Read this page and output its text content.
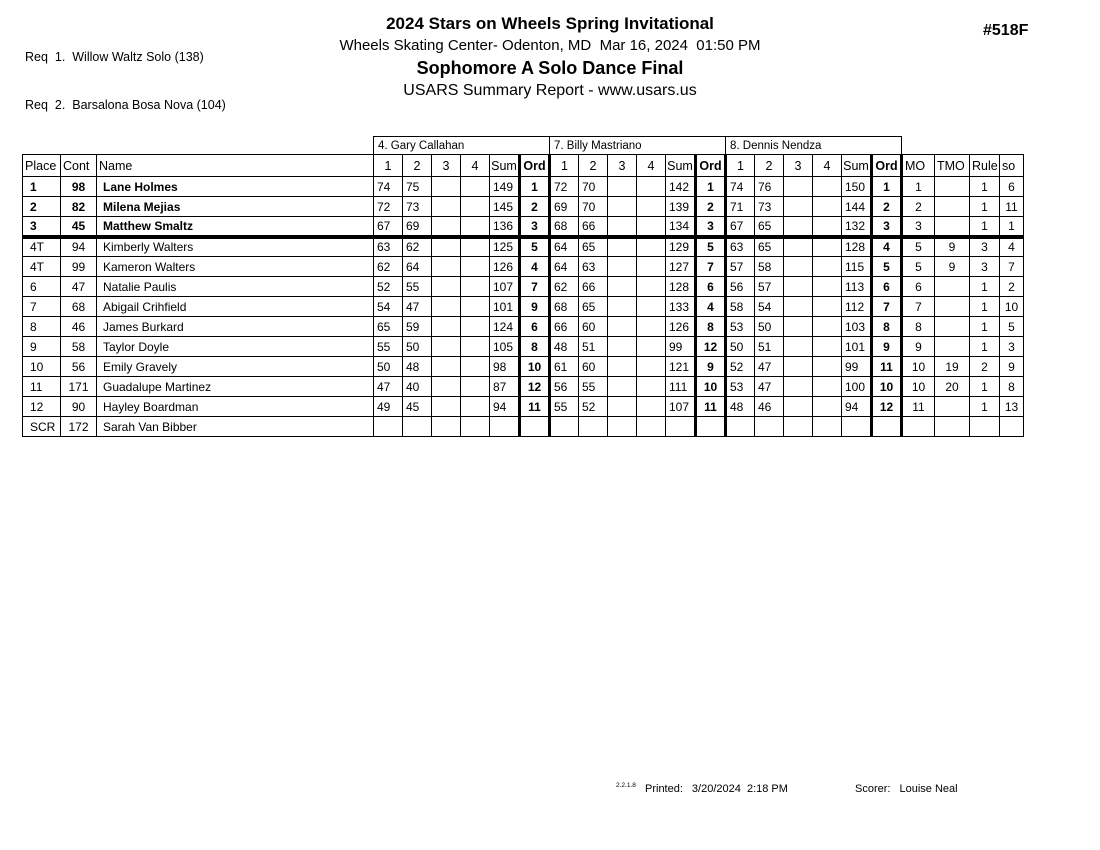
Req  1.  Willow Waltz Solo (138)

Req  2.  Barsalona Bosa Nova (104)

2024 Stars on Wheels Spring Invitational
Wheels Skating Center- Odenton, MD  Mar 16, 2024  01:50 PM
Sophomore A Solo Dance Final
USARS Summary Report - www.usars.us
#518F
			4. Gary Callahan						7. Billy Mastriano						8. Dennis Nendza									
Place	Cont	Name	1	2	3	4	Sum	Ord	1	2	3	4	Sum	Ord	1	2	3	4	Sum	Ord	MO	TMO	Rule	so
1	98	Lane Holmes	74	75			149	1	72	70			142	1	74	76			150	1	1		1	6
2	82	Milena Mejias	72	73			145	2	69	70			139	2	71	73			144	2	2		1	11
3	45	Matthew Smaltz	67	69			136	3	68	66			134	3	67	65			132	3	3		1	1
4T	94	Kimberly Walters	63	62			125	5	64	65			129	5	63	65			128	4	5	9	3	4
4T	99	Kameron Walters	62	64			126	4	64	63			127	7	57	58			115	5	5	9	3	7
6	47	Natalie Paulis	52	55			107	7	62	66			128	6	56	57			113	6	6		1	2
7	68	Abigail Crihfield	54	47			101	9	68	65			133	4	58	54			112	7	7		1	10
8	46	James Burkard	65	59			124	6	66	60			126	8	53	50			103	8	8		1	5
9	58	Taylor Doyle	55	50			105	8	48	51			99	12	50	51			101	9	9		1	3
10	56	Emily Gravely	50	48			98	10	61	60			121	9	52	47			99	11	10	19	2	9
11	171	Guadalupe Martinez	47	40			87	12	56	55			111	10	53	47			100	10	10	20	1	8
12	90	Hayley Boardman	49	45			94	11	55	52			107	11	48	46			94	12	11		1	13
SCR	172	Sarah Van Bibber																						
2.2.1.8 Printed: 3/20/2024  2:18 PM	Scorer: Louise Neal
